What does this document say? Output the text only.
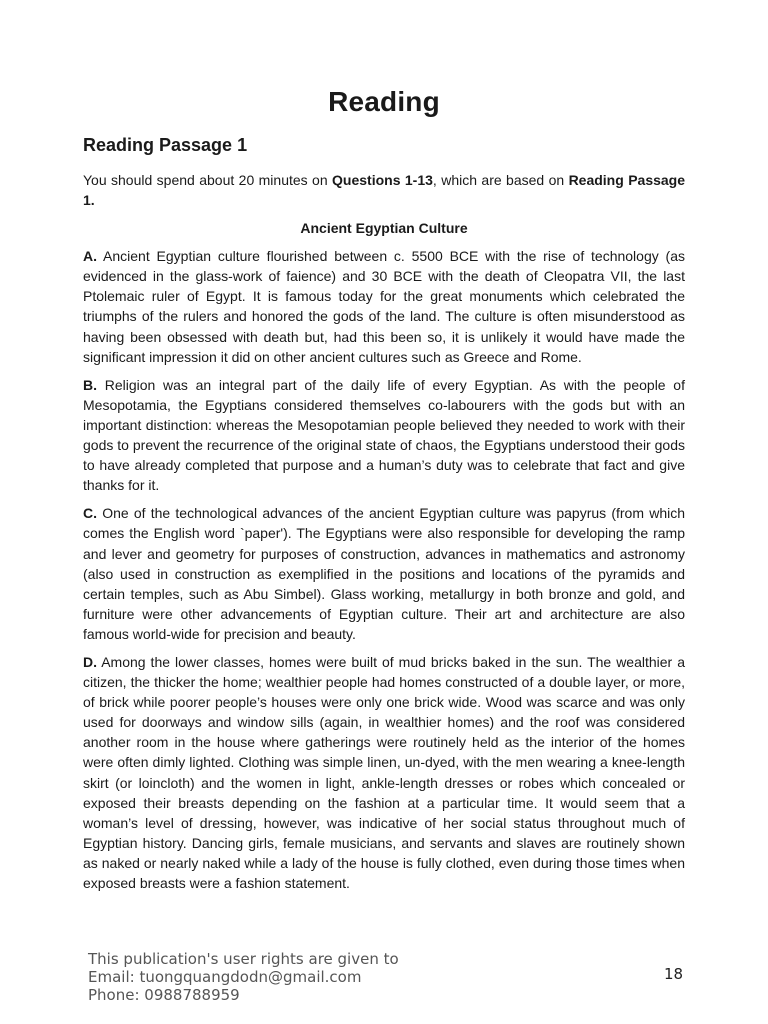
Reading
Reading Passage 1

You should spend about 20 minutes on Questions 1-13, which are based on Reading Passage 1.

Ancient Egyptian Culture

A. Ancient Egyptian culture flourished between c. 5500 BCE with the rise of technology (as evidenced in the glass-work of faience) and 30 BCE with the death of Cleopatra VII, the last Ptolemaic ruler of Egypt. It is famous today for the great monuments which celebrated the triumphs of the rulers and honored the gods of the land. The culture is often misunderstood as having been obsessed with death but, had this been so, it is unlikely it would have made the significant impression it did on other ancient cultures such as Greece and Rome.

B. Religion was an integral part of the daily life of every Egyptian. As with the people of Mesopotamia, the Egyptians considered themselves co-labourers with the gods but with an important distinction: whereas the Mesopotamian people believed they needed to work with their gods to prevent the recurrence of the original state of chaos, the Egyptians understood their gods to have already completed that purpose and a human’s duty was to celebrate that fact and give thanks for it.

C. One of the technological advances of the ancient Egyptian culture was papyrus (from which comes the English word `paper'). The Egyptians were also responsible for developing the ramp and lever and geometry for purposes of construction, advances in mathematics and astronomy (also used in construction as exemplified in the positions and locations of the pyramids and certain temples, such as Abu Simbel). Glass working, metallurgy in both bronze and gold, and furniture were other advancements of Egyptian culture. Their art and architecture are also famous world-wide for precision and beauty.

D. Among the lower classes, homes were built of mud bricks baked in the sun. The wealthier a citizen, the thicker the home; wealthier people had homes constructed of a double layer, or more, of brick while poorer people’s houses were only one brick wide. Wood was scarce and was only used for doorways and window sills (again, in wealthier homes) and the roof was considered another room in the house where gatherings were routinely held as the interior of the homes were often dimly lighted. Clothing was simple linen, un-dyed, with the men wearing a knee-length skirt (or loincloth) and the women in light, ankle-length dresses or robes which concealed or exposed their breasts depending on the fashion at a particular time. It would seem that a woman’s level of dressing, however, was indicative of her social status throughout much of Egyptian history. Dancing girls, female musicians, and servants and slaves are routinely shown as naked or nearly naked while a lady of the house is fully clothed, even during those times when exposed breasts were a fashion statement.

This publication's user rights are given to
Email: tuongquangdodn@gmail.com
Phone: 0988788959
18
